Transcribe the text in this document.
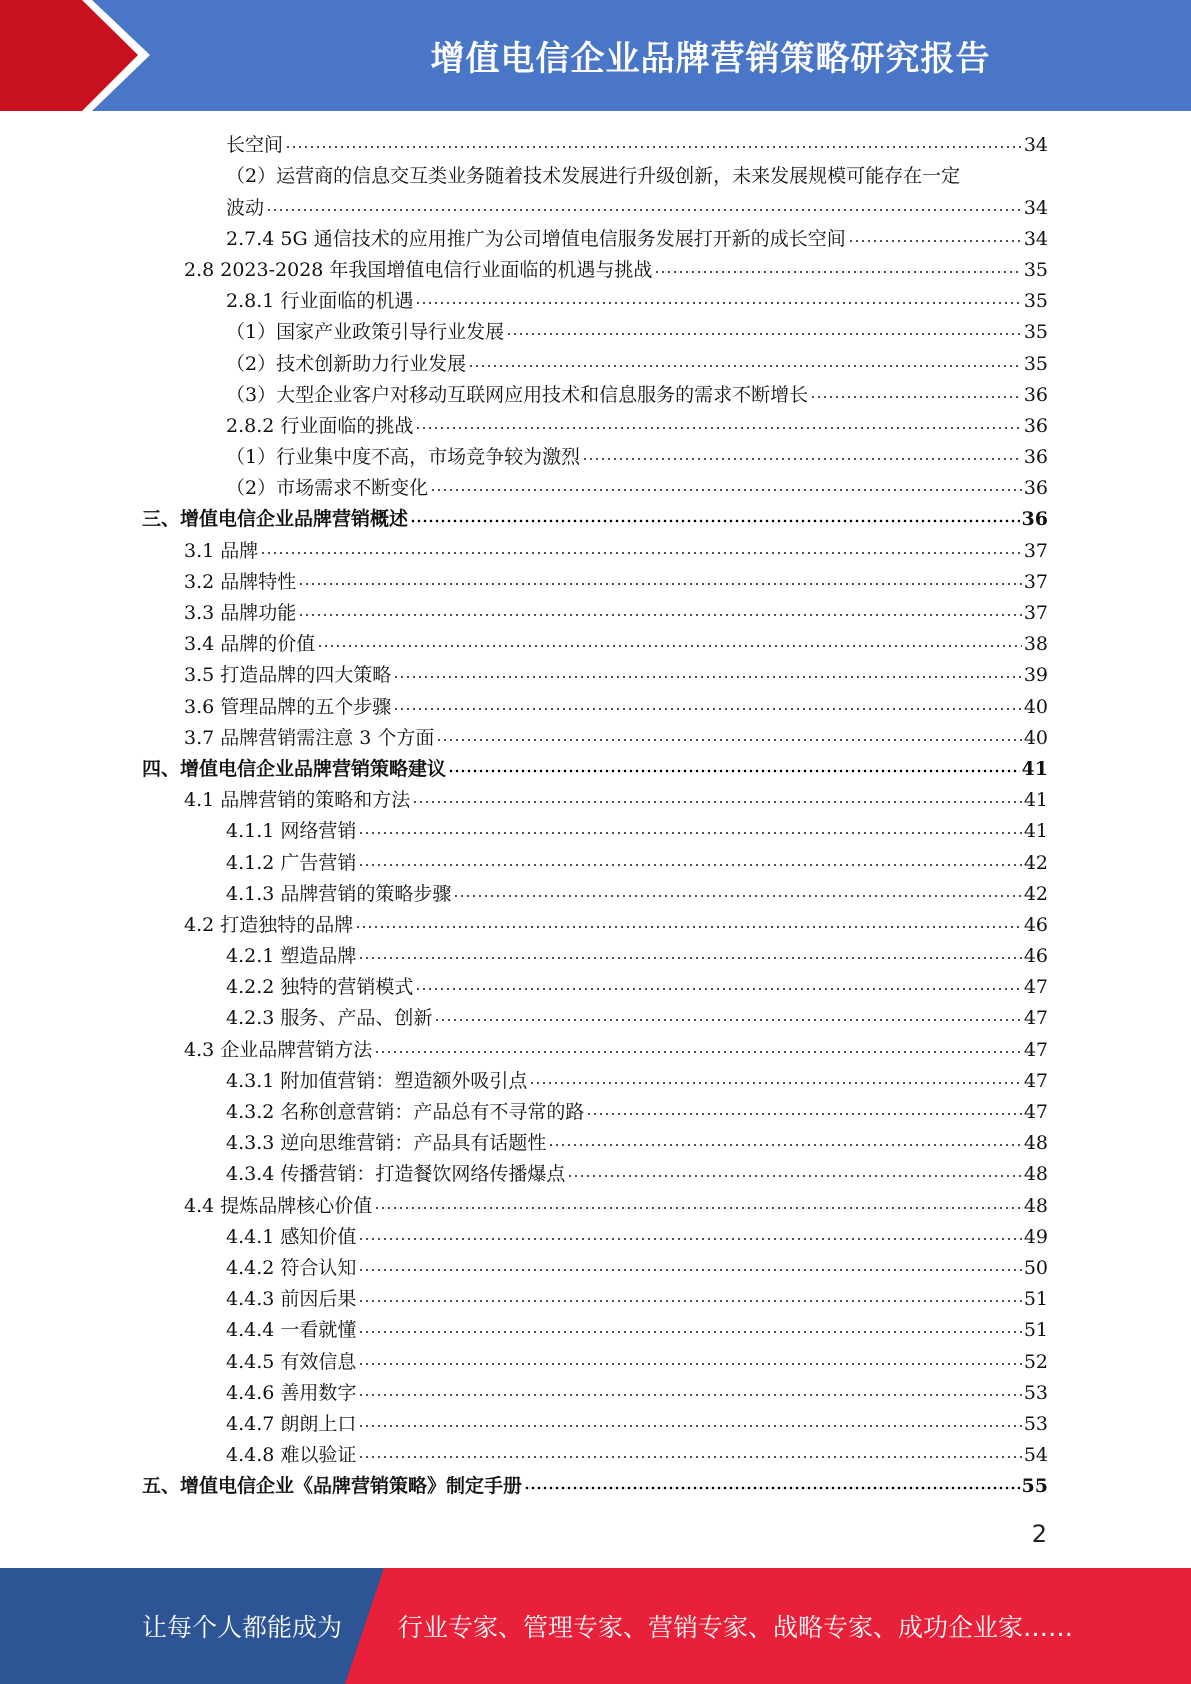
增值电信企业品牌营销策略研究报告
长空间	34
（2）运营商的信息交互类业务随着技术发展进行升级创新，未来发展规模可能存在一定
波动	34
2.7.4 5G 通信技术的应用推广为公司增值电信服务发展打开新的成长空间	34
2.8 2023-2028 年我国增值电信行业面临的机遇与挑战	35
2.8.1 行业面临的机遇	35
（1）国家产业政策引导行业发展	35
（2）技术创新助力行业发展	35
（3）大型企业客户对移动互联网应用技术和信息服务的需求不断增长	36
2.8.2 行业面临的挑战	36
（1）行业集中度不高，市场竞争较为激烈	36
（2）市场需求不断变化	36
三、增值电信企业品牌营销概述	36
3.1 品牌	37
3.2 品牌特性	37
3.3 品牌功能	37
3.4 品牌的价值	38
3.5 打造品牌的四大策略	39
3.6 管理品牌的五个步骤	40
3.7 品牌营销需注意 3 个方面	40
四、增值电信企业品牌营销策略建议	41
4.1 品牌营销的策略和方法	41
4.1.1 网络营销	41
4.1.2 广告营销	42
4.1.3 品牌营销的策略步骤	42
4.2 打造独特的品牌	46
4.2.1 塑造品牌	46
4.2.2 独特的营销模式	47
4.2.3 服务、产品、创新	47
4.3 企业品牌营销方法	47
4.3.1 附加值营销：塑造额外吸引点	47
4.3.2 名称创意营销：产品总有不寻常的路	47
4.3.3 逆向思维营销：产品具有话题性	48
4.3.4 传播营销：打造餐饮网络传播爆点	48
4.4 提炼品牌核心价值	48
4.4.1 感知价值	49
4.4.2 符合认知	50
4.4.3 前因后果	51
4.4.4 一看就懂	51
4.4.5 有效信息	52
4.4.6 善用数字	53
4.4.7 朗朗上口	53
4.4.8 难以验证	54
五、增值电信企业《品牌营销策略》制定手册	55
2
让每个人都能成为 行业专家、管理专家、营销专家、战略专家、成功企业家……
